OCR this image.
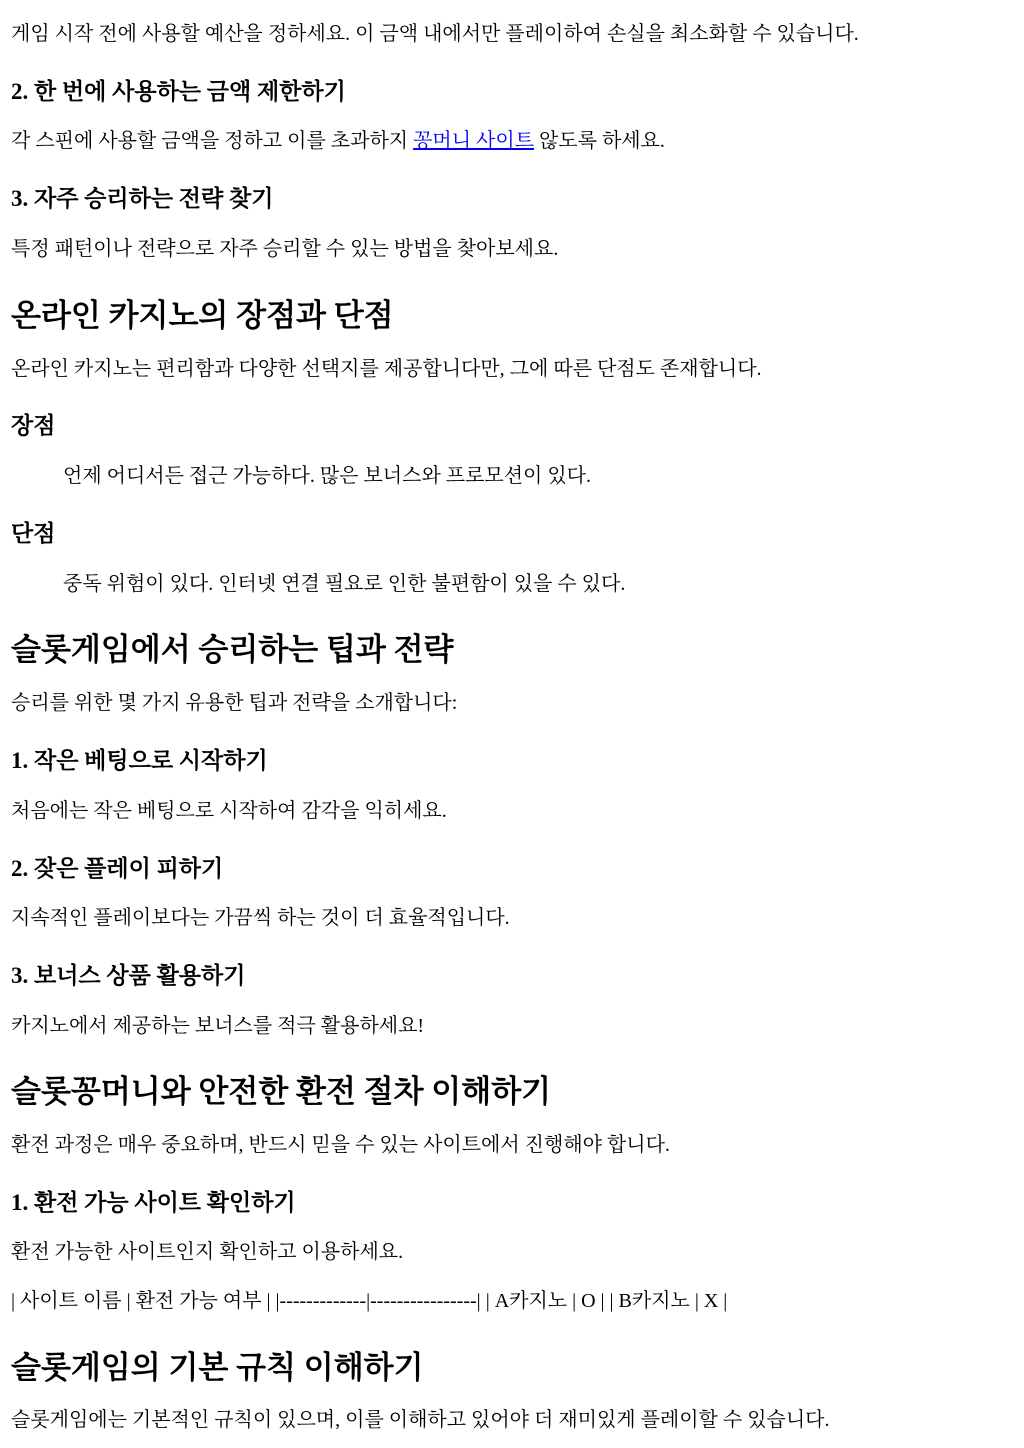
게임 시작 전에 사용할 예산을 정하세요. 이 금액 내에서만 플레이하여 손실을 최소화할 수 있습니다.

2. 한 번에 사용하는 금액 제한하기

각 스핀에 사용할 금액을 정하고 이를 초과하지 꽁머니 사이트 않도록 하세요.

3. 자주 승리하는 전략 찾기

특정 패턴이나 전략으로 자주 승리할 수 있는 방법을 찾아보세요.

온라인 카지노의 장점과 단점

온라인 카지노는 편리함과 다양한 선택지를 제공합니다만, 그에 따른 단점도 존재합니다.

장점

언제 어디서든 접근 가능하다. 많은 보너스와 프로모션이 있다.

단점

중독 위험이 있다. 인터넷 연결 필요로 인한 불편함이 있을 수 있다.

슬롯게임에서 승리하는 팁과 전략

승리를 위한 몇 가지 유용한 팁과 전략을 소개합니다:

1. 작은 베팅으로 시작하기

처음에는 작은 베팅으로 시작하여 감각을 익히세요.

2. 잦은 플레이 피하기

지속적인 플레이보다는 가끔씩 하는 것이 더 효율적입니다.

3. 보너스 상품 활용하기

카지노에서 제공하는 보너스를 적극 활용하세요!

슬롯꽁머니와 안전한 환전 절차 이해하기

환전 과정은 매우 중요하며, 반드시 믿을 수 있는 사이트에서 진행해야 합니다.

1. 환전 가능 사이트 확인하기

환전 가능한 사이트인지 확인하고 이용하세요.

| 사이트 이름 | 환전 가능 여부 | |-------------|----------------| | A카지노 | O | | B카지노 | X |

슬롯게임의 기본 규칙 이해하기

슬롯게임에는 기본적인 규칙이 있으며, 이를 이해하고 있어야 더 재미있게 플레이할 수 있습니다.
